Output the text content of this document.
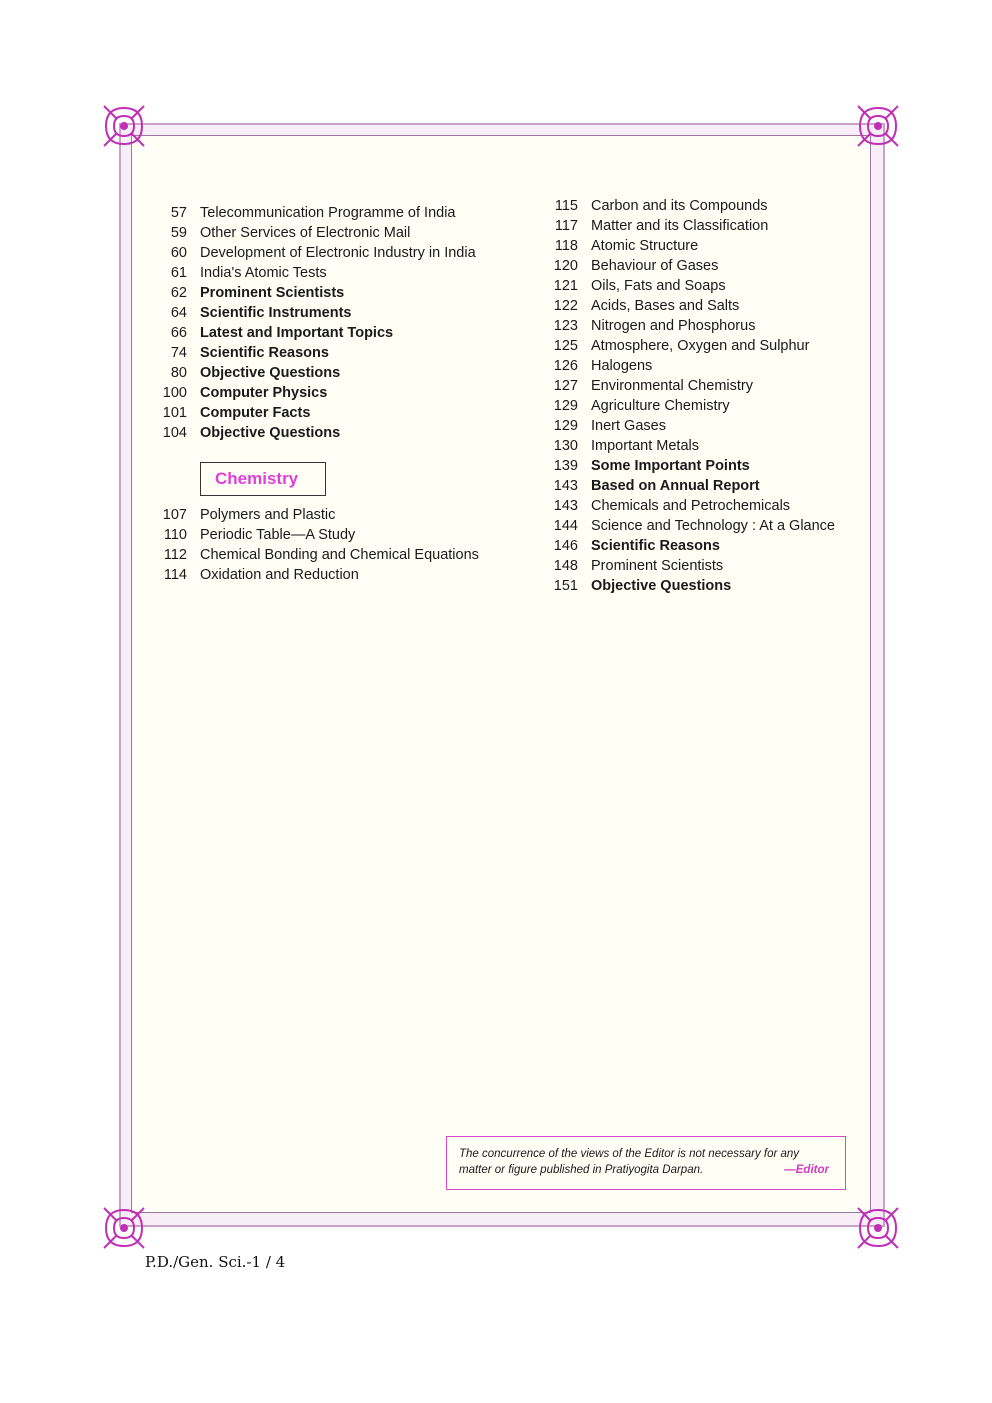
57 Telecommunication Programme of India
59 Other Services of Electronic Mail
60 Development of Electronic Industry in India
61 India's Atomic Tests
62 Prominent Scientists
64 Scientific Instruments
66 Latest and Important Topics
74 Scientific Reasons
80 Objective Questions
100 Computer Physics
101 Computer Facts
104 Objective Questions
Chemistry
107 Polymers and Plastic
110 Periodic Table—A Study
112 Chemical Bonding and Chemical Equations
114 Oxidation and Reduction
115 Carbon and its Compounds
117 Matter and its Classification
118 Atomic Structure
120 Behaviour of Gases
121 Oils, Fats and Soaps
122 Acids, Bases and Salts
123 Nitrogen and Phosphorus
125 Atmosphere, Oxygen and Sulphur
126 Halogens
127 Environmental Chemistry
129 Agriculture Chemistry
129 Inert Gases
130 Important Metals
139 Some Important Points
143 Based on Annual Report
143 Chemicals and Petrochemicals
144 Science and Technology : At a Glance
146 Scientific Reasons
148 Prominent Scientists
151 Objective Questions
The concurrence of the views of the Editor is not necessary for any
matter or figure published in Pratiyogita Darpan.	—Editor
P.D./Gen. Sci.-1 / 4
